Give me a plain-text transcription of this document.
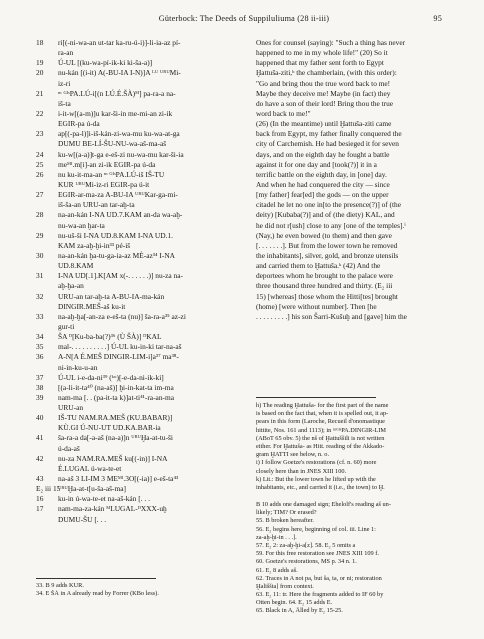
Güterbock: The Deeds of Suppiluliuma (28 ii-iii)	95
18	ri[(-ni-wa-an ut-tar ka-ru-ú-i)]-li-ia-az pí-
ra-an
19	Ú-UL [(ku-wa-pí-ik-ki ki-ša-a)]
20	nu-kán [(i-it) A(-BU-IA I-N)]A ᴸᵁ ᵁᴿᵁMi-
iz-ri
21	ᵐ ᴳᴵˢPA.LÚ-i[(n LÚ.É.ŠÀ)ᴹ] pa-ra-a na-
iš-ta
22	i-it-w[(a-m)]u kar-ši-in me-mi-an zi-ik
EGIR-pa ú-da
23	ap[(-pa-l)]i-iš-kán-zi-wa-mu ku-wa-at-ga
DUMU BE-LÍ-ŠU-NU-wa-aš-ma-aš
24	ku-w[(a-a)]t-ga e-eš-zi nu-wa-mu kar-ši-ia
25	meᴹᴵ.m[i]-an zi-ik EGIR-pa ú-da
26	nu ku-it-ma-an ᵐ ᴳᴵˢPA.LÚ-iš IŠ-TU
KUR ᵁᴿᵁMi-iz-ri EGIR-pa ú-it
27	EGIR-ar-ma-za A-BU-IA ᵁᴿᵁKar-ga-mi-
iš-ša-an URU-an tar-aḫ-ta
28	na-an-kán I-NA UD.7.KAM an-da wa-aḫ-
nu-wa-an ḫar-ta
29	nu-uš-ši I-NA UD.8.KAM I-NA UD.1.
KAM za-aḫ-ḫi-in³³ pé-iš
30	na-an-kán ḫa-tu-ga-ia-az MÈ-az³⁴ I-NA
UD.8.KAM
31	I-NA UD[.1].K[AM x(-. . . . . .)] nu-za na-
aḫ-ḫa-an
32	URU-an tar-aḫ-ta A-BU-IA-ma-kán
DINGIR.MEŠ-aš ku-it
33	na-aḫ-ḫa[-an-za e-eš-ta (nu)] ša-ra-a³⁵ az-zi
gur-ti
34	ŠA ᴰ[Ku-ba-ba(?)³⁶ (Ù ŠÀ)] ᴰKAL
35	mal-. . . . . . . . . .] Ú-UL ku-in-ki tar-na-aš
36	A-N[A É.MEŠ DINGIR-LIM-i]a³⁷ ma³⁸-
ni-in-ku-u-an
37	Ú-UL i-e-da-ni³⁹ (ᵏᵘ)[-e-da-ni-ik-ki]
38	[(a-li-it-ta⁴⁰ (na-aš)] ḫi-in-kat-ta im-ma
39	nam-ma [. . (pa-it-ta k)]at-ti⁴¹-ra-an-ma
URU-an
40	IŠ-TU NAM.RA.MEŠ (KU.BABAR)]
KÙ.GI Ú-NU-UT UD.KA.BAR-ia
41	ša-ra-a da[-a-aš (na-a)]n ᵁᴿᵁḪa-at-tu-ši
ú-da-aš
42	nu-za NAM.RA.MEŠ ku[(-in)] I-NA
É.LUGAL ú-wa-te-et
43	na-aš 3 LI-IM 3 MEᴹᴵ.3O[(-ia)] e-eš-ta⁴³
E₂ iii 15
ᵁᴿᵁḪa-at-t[u-ša-aš-ma]
16	ku-in ú-wa-te-et na-aš-kán [. . .
17	nam-ma-za-kán ᴹLUGAL-ᴰXXX-uḫ
DUMU-ŠU [. . .
33. B 9 adds KUR.
34. E ŠÀ in A already read by Forrer (KBo less).
Ones for counsel (saying): "Such a thing has never
happened to me in my whole life!" (20) So it
happened that my father sent forth to Egypt
Ḫattuša-ziti,ᵇ the chamberlain, (with this order):
"Go and bring thou the true word back to me!
Maybe they deceive me! Maybe (in fact) they
do have a son of their lord! Bring thou the true
word back to me!"
(26) (In the meantime) until Ḫattuša-ziti came
back from Egypt, my father finally conquered the
city of Carchemish. He had besieged it for seven
days, and on the eighth day he fought a battle
against it for one day and [took(?)] it in a
terrific battle on the eighth day, in [one] day.
And when he had conquered the city — since
[my father] fear[ed] the gods — on the upper
citadel he let no one in[to the presence(?)] of (the
deity) [Kubaba(?)] and of (the diety) KAL, and
he did not r[ush] close to any [one of the temples].ⁱ
(Nay,) he even bowed (to them) and then gave
[. . . . . . .]. But from the lower town he removed
the inhabitants], silver, gold, and bronze utensils
and carried them to Ḫattuša.ᵏ (42) And the
deportees whom he brought to the palace were
three thousand three hundred and thirty. (E₂ iii
15) [whereas] those whom the Hitti[tes] brought
(home) [were without number]. Then [he
. . . . . . . . .] his son Šarri-Kušuḫ and [gave] him the
h) The reading Ḫattuša- for the first part of the name
is based on the fact that, when it is spelled out, it ap-
pears in this form (Laroche, Recueil d'onomastique
hittite, Nos. 161 and 1113); in ᵐᴳᴵˢPA.DINGIR-LIM
(ABoT 65 obv. 5) the nš of Ḫattuššili is not written
either. For Ḫattuša- as Hitt. reading of the Akkado-
gram ḪATTI see below, n. o.
i) I follow Goetze's restorations (cf. n. 60) more
closely here than in JNES XIII 100.
k) Lit.: But the lower town he lifted up with the
inhabitants, etc., and carried it (i.e., the town) to Ḫ.
B 10 adds one damaged sign; Ehelolf's reading aš un-
likely; TIM? Or erased?
55. B broken hereafter.
56. E₂ begins here, beginning of col. iii. Line 1:
za-aḫ-ḫi-in . . .].
57. E₂ 2: za-aḫ-ḫi-a[z]. 58. E₂ 5 omits a
59. For this free restoration see JNES XIII 109 f.
60. Goetze's restorations, MS p. 34 n. 1.
61. E₂ 8 adds aš.
62. Traces in A not pa, but ša, ta, or ni; restoration
Ḫališšta] from context.
63. E₂ 11: tr. Here the fragments added to IF 60 by
Otten begin. 64. E₂ 15 adds E.
65. Black in A, Ālled by E₂ 15-25.
